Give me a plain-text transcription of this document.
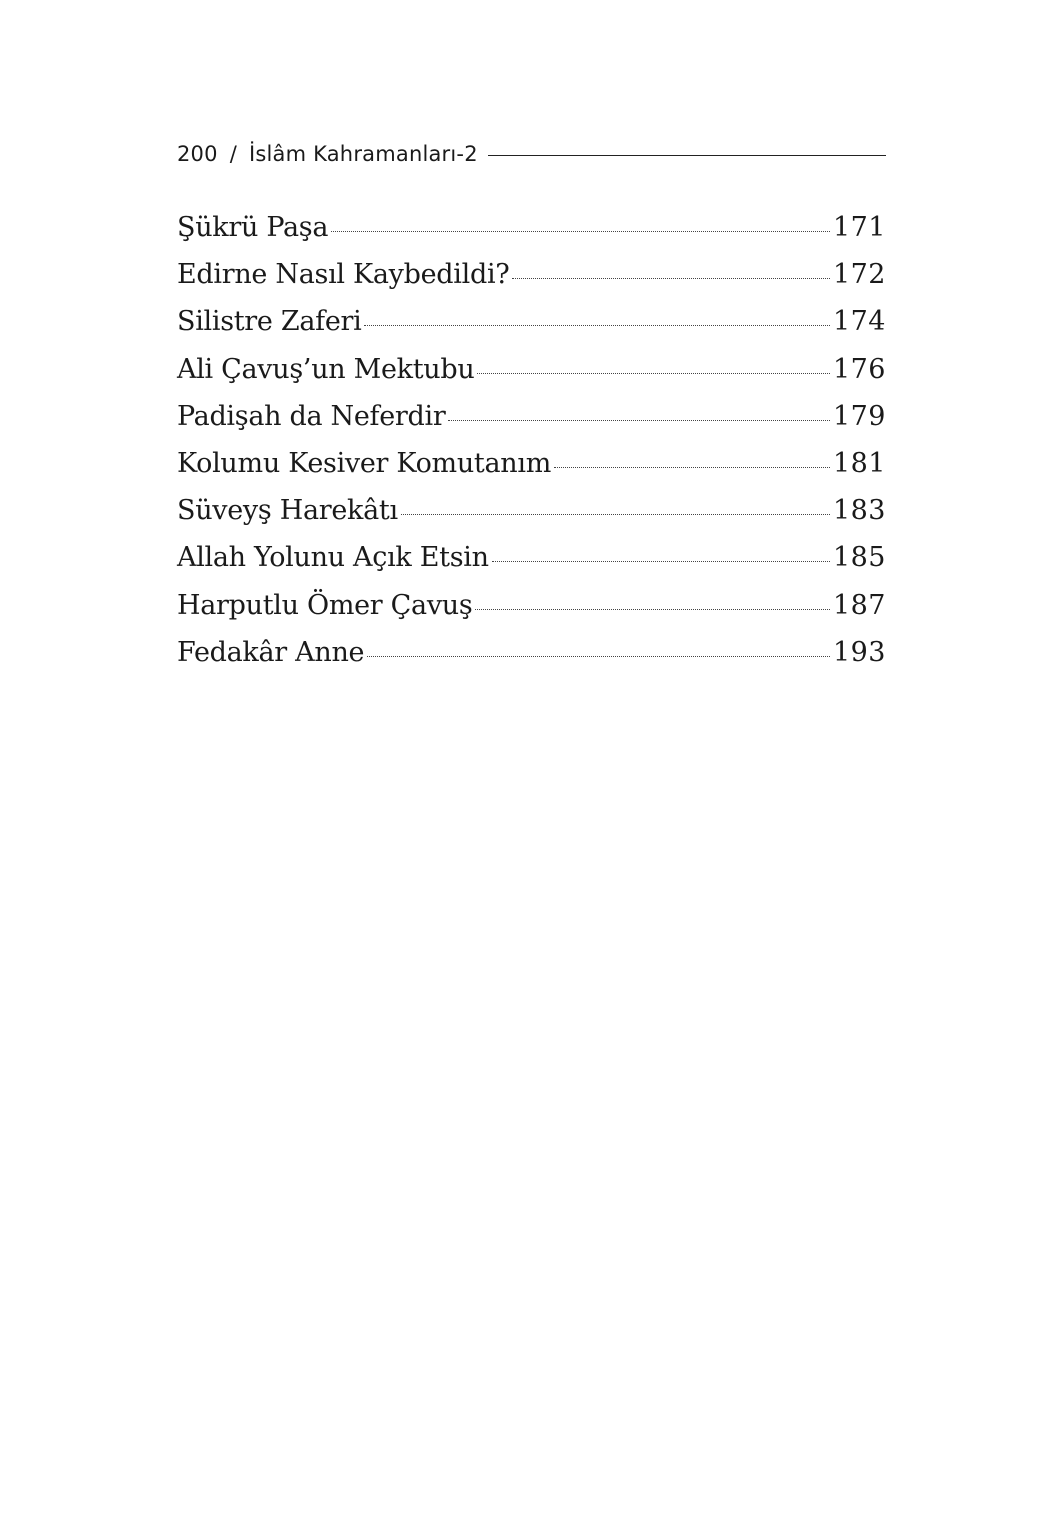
200 / İslâm Kahramanları-2
Şükrü Paşa	171
Edirne Nasıl Kaybedildi?	172
Silistre Zaferi	174
Ali Çavuş’un Mektubu	176
Padişah da Neferdir	179
Kolumu Kesiver Komutanım	181
Süveyş Harekâtı	183
Allah Yolunu Açık Etsin	185
Harputlu Ömer Çavuş	187
Fedakâr Anne	193
